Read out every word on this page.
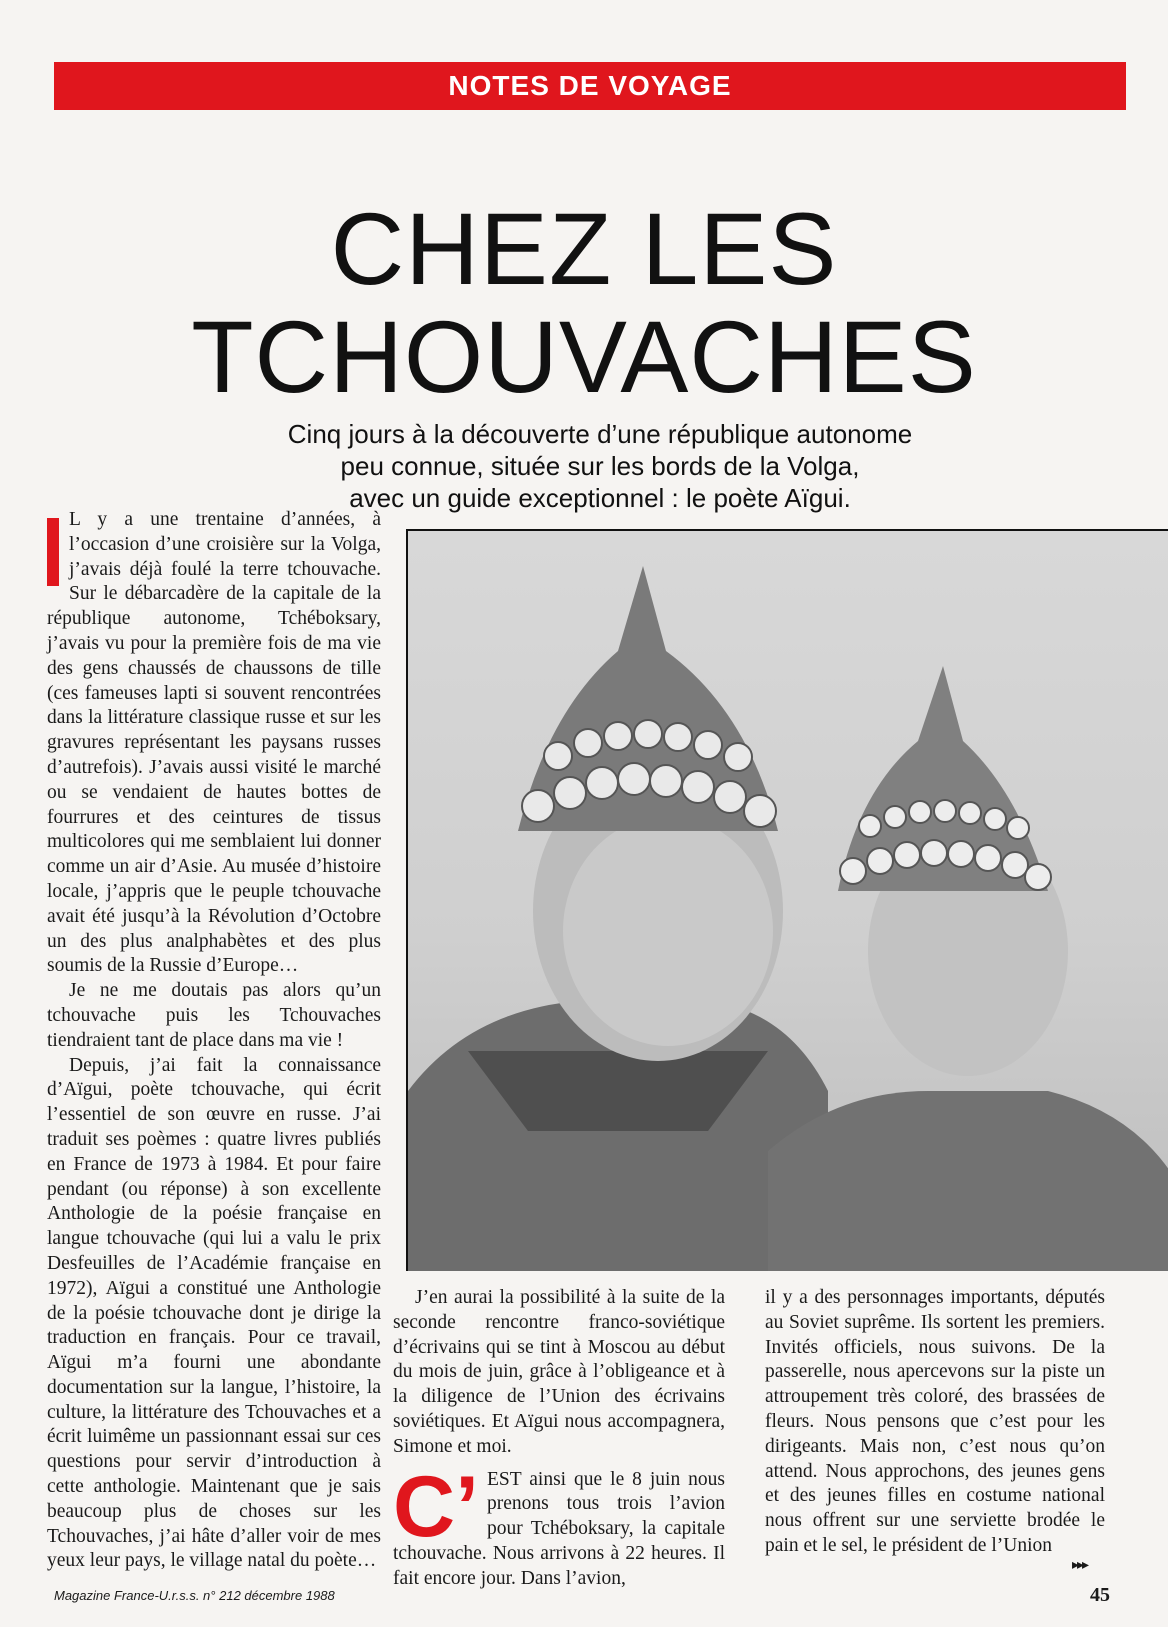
NOTES DE VOYAGE
CHEZ LES
TCHOUVACHES
Cinq jours à la découverte d’une république autonome
peu connue, située sur les bords de la Volga,
avec un guide exceptionnel : le poète Aïgui.

L y a une trentaine d’années, à l’occasion d’une croisière sur la Volga, j’avais déjà foulé la terre tchouvache. Sur le débarcadère de la capitale de la république autonome, Tchéboksary, j’avais vu pour la première fois de ma vie des gens chaussés de chaussons de tille (ces fameuses lapti si souvent rencontrées dans la littérature classique russe et sur les gravures représentant les paysans russes d’autrefois). J’avais aussi visité le marché ou se vendaient de hautes bottes de fourrures et des ceintures de tissus multicolores qui me semblaient lui donner comme un air d’Asie. Au musée d’histoire locale, j’appris que le peuple tchouvache avait été jusqu’à la Révolution d’Octobre un des plus analphabètes et des plus soumis de la Russie d’Europe…

Je ne me doutais pas alors qu’un tchouvache puis les Tchouvaches tiendraient tant de place dans ma vie !

Depuis, j’ai fait la connaissance d’Aïgui, poète tchouvache, qui écrit l’essentiel de son œuvre en russe. J’ai traduit ses poèmes : quatre livres publiés en France de 1973 à 1984. Et pour faire pendant (ou réponse) à son excellente Anthologie de la poésie française en langue tchouvache (qui lui a valu le prix Desfeuilles de l’Académie française en 1972), Aïgui a constitué une Anthologie de la poésie tchouvache dont je dirige la traduction en français. Pour ce travail, Aïgui m’a fourni une abondante documentation sur la langue, l’histoire, la culture, la littérature des Tchouvaches et a écrit luimême un passionnant essai sur ces questions pour servir d’introduction à cette anthologie. Maintenant que je sais beaucoup plus de choses sur les Tchouvaches, j’ai hâte d’aller voir de mes yeux leur pays, le village natal du poète…

J’en aurai la possibilité à la suite de la seconde rencontre franco-soviétique d’écrivains qui se tint à Moscou au début du mois de juin, grâce à l’obligeance et à la diligence de l’Union des écrivains soviétiques. Et Aïgui nous accompagnera, Simone et moi.

C’ EST ainsi que le 8 juin nous prenons tous trois l’avion pour Tchéboksary, la capitale tchouvache. Nous arrivons à 22 heures. Il fait encore jour. Dans l’avion,

il y a des personnages importants, députés au Soviet suprême. Ils sortent les premiers. Invités officiels, nous suivons. De la passerelle, nous apercevons sur la piste un attroupement très coloré, des brassées de fleurs. Nous pensons que c’est pour les dirigeants. Mais non, c’est nous qu’on attend. Nous approchons, des jeunes gens et des jeunes filles en costume national nous offrent sur une serviette brodée le pain et le sel, le président de l’Union

Magazine France-U.r.s.s. n° 212 décembre 1988
▸▸▸
45
